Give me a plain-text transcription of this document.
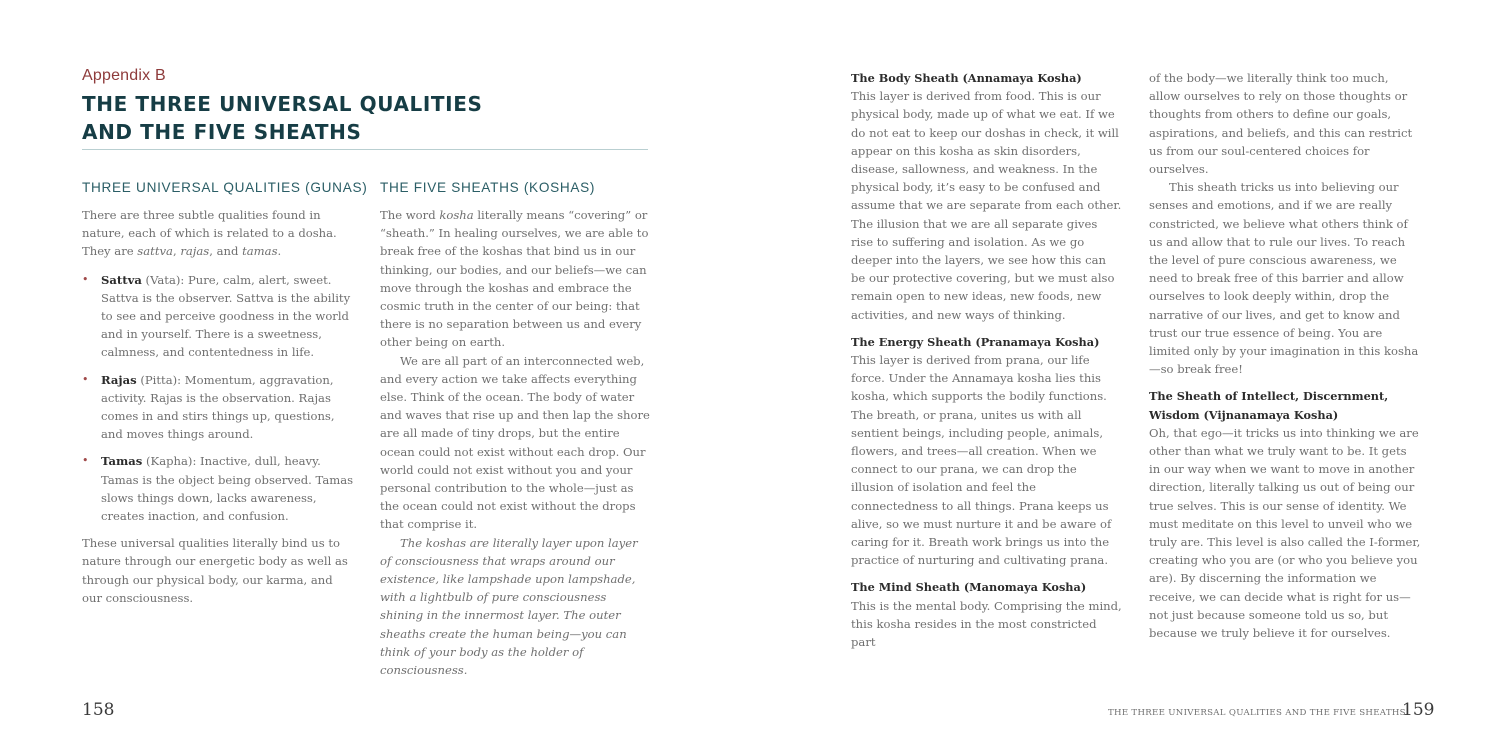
Appendix B
THE THREE UNIVERSAL QUALITIES
AND THE FIVE SHEATHS
THREE UNIVERSAL QUALITIES (GUNAS)

There are three subtle qualities found in nature, each of which is related to a dosha. They are sattva, rajas, and tamas.

• Sattva (Vata): Pure, calm, alert, sweet. Sattva is the observer. Sattva is the ability to see and perceive goodness in the world and in yourself. There is a sweetness, calmness, and contentedness in life.
• Rajas (Pitta): Momentum, aggravation, activity. Rajas is the observation. Rajas comes in and stirs things up, questions, and moves things around.
• Tamas (Kapha): Inactive, dull, heavy. Tamas is the object being observed. Tamas slows things down, lacks awareness, creates inaction, and confusion.

These universal qualities literally bind us to nature through our energetic body as well as through our physical body, our karma, and our consciousness.

THE FIVE SHEATHS (KOSHAS)

The word kosha literally means “covering” or “sheath.” In healing ourselves, we are able to break free of the koshas that bind us in our thinking, our bodies, and our beliefs—we can move through the koshas and embrace the cosmic truth in the center of our being: that there is no separation between us and every other being on earth.

We are all part of an interconnected web, and every action we take affects everything else. Think of the ocean. The body of water and waves that rise up and then lap the shore are all made of tiny drops, but the entire ocean could not exist without each drop. Our world could not exist without you and your personal contribution to the whole—just as the ocean could not exist without the drops that comprise it.

The koshas are literally layer upon layer of consciousness that wraps around our existence, like lampshade upon lampshade, with a lightbulb of pure consciousness shining in the innermost layer. The outer sheaths create the human being—you can think of your body as the holder of consciousness.

158
The Body Sheath (Annamaya Kosha)

This layer is derived from food. This is our physical body, made up of what we eat. If we do not eat to keep our doshas in check, it will appear on this kosha as skin disorders, disease, sallowness, and weakness. In the physical body, it’s easy to be confused and assume that we are separate from each other. The illusion that we are all separate gives rise to suffering and isolation. As we go deeper into the layers, we see how this can be our protective covering, but we must also remain open to new ideas, new foods, new activities, and new ways of thinking.

The Energy Sheath (Pranamaya Kosha)

This layer is derived from prana, our life force. Under the Annamaya kosha lies this kosha, which supports the bodily functions. The breath, or prana, unites us with all sentient beings, including people, animals, flowers, and trees—all creation. When we connect to our prana, we can drop the illusion of isolation and feel the connectedness to all things. Prana keeps us alive, so we must nurture it and be aware of caring for it. Breath work brings us into the practice of nurturing and cultivating prana.

The Mind Sheath (Manomaya Kosha)

This is the mental body. Comprising the mind, this kosha resides in the most constricted part

of the body—we literally think too much, allow ourselves to rely on those thoughts or thoughts from others to define our goals, aspirations, and beliefs, and this can restrict us from our soul-centered choices for ourselves.

This sheath tricks us into believing our senses and emotions, and if we are really constricted, we believe what others think of us and allow that to rule our lives. To reach the level of pure conscious awareness, we need to break free of this barrier and allow ourselves to look deeply within, drop the narrative of our lives, and get to know and trust our true essence of being. You are limited only by your imagination in this kosha—so break free!

The Sheath of Intellect, Discernment, Wisdom (Vijnanamaya Kosha)

Oh, that ego—it tricks us into thinking we are other than what we truly want to be. It gets in our way when we want to move in another direction, literally talking us out of being our true selves. This is our sense of identity. We must meditate on this level to unveil who we truly are. This level is also called the I-former, creating who you are (or who you believe you are). By discerning the information we receive, we can decide what is right for us—not just because someone told us so, but because we truly believe it for ourselves.

THE THREE UNIVERSAL QUALITIES AND THE FIVE SHEATHS
159
